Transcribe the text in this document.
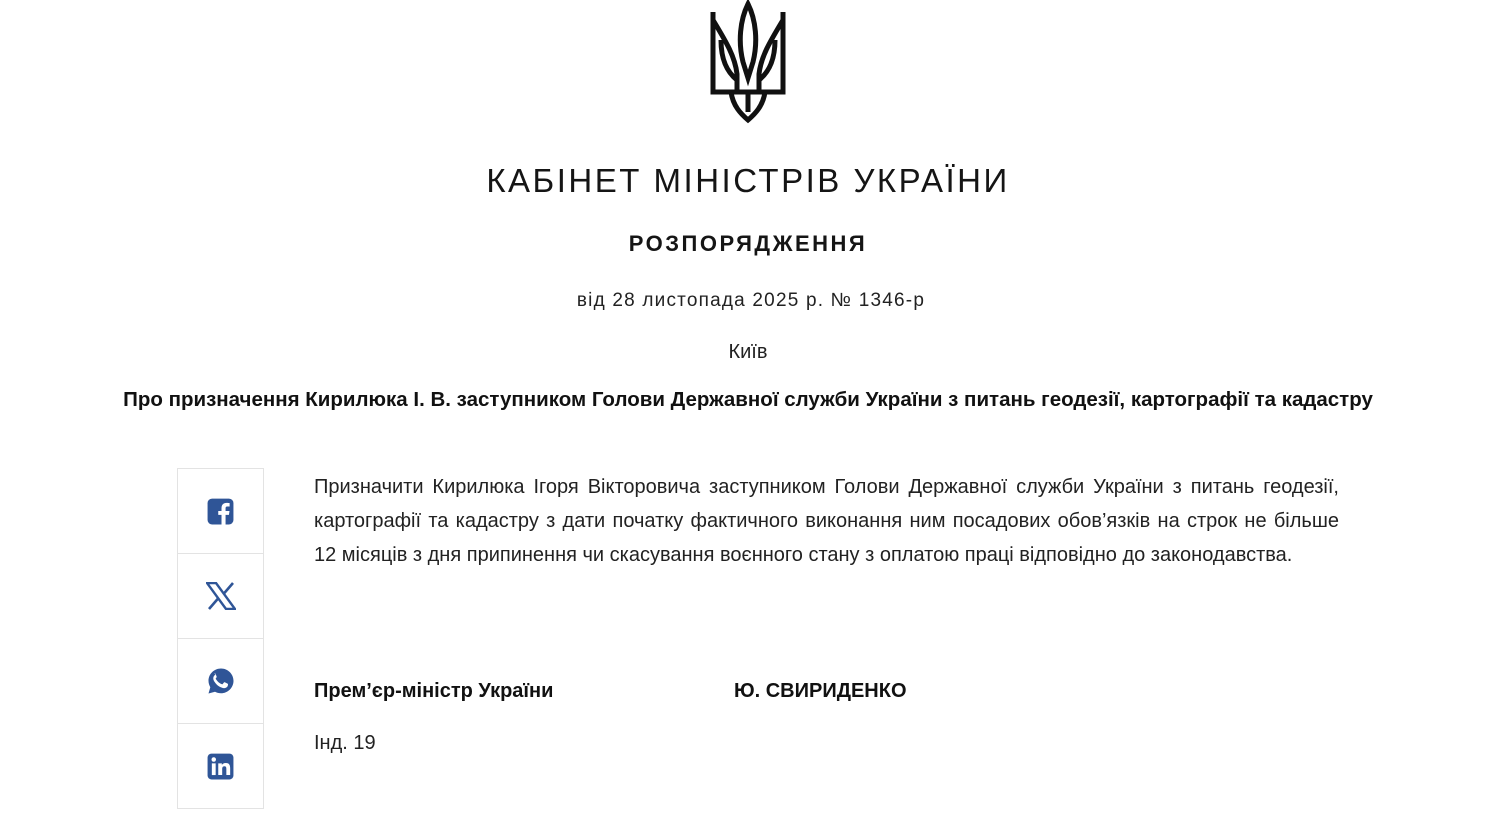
КАБІНЕТ МІНІСТРІВ УКРАЇНИ
РОЗПОРЯДЖЕННЯ
від 28 листопада 2025 р. № 1346-р
Київ
Про призначення Кирилюка І. В. заступником Голови Державної служби України з питань геодезії, картографії та кадастру

Призначити Кирилюка Ігоря Вікторовича заступником Голови Державної служби України з питань геодезії, картографії та кадастру з дати початку фактичного виконання ним посадових обов’язків на строк не більше 12 місяців з дня припинення чи скасування воєнного стану з оплатою праці відповідно до законодавства.

Прем’єр-міністр України	Ю. СВИРИДЕНКО
Інд. 19
